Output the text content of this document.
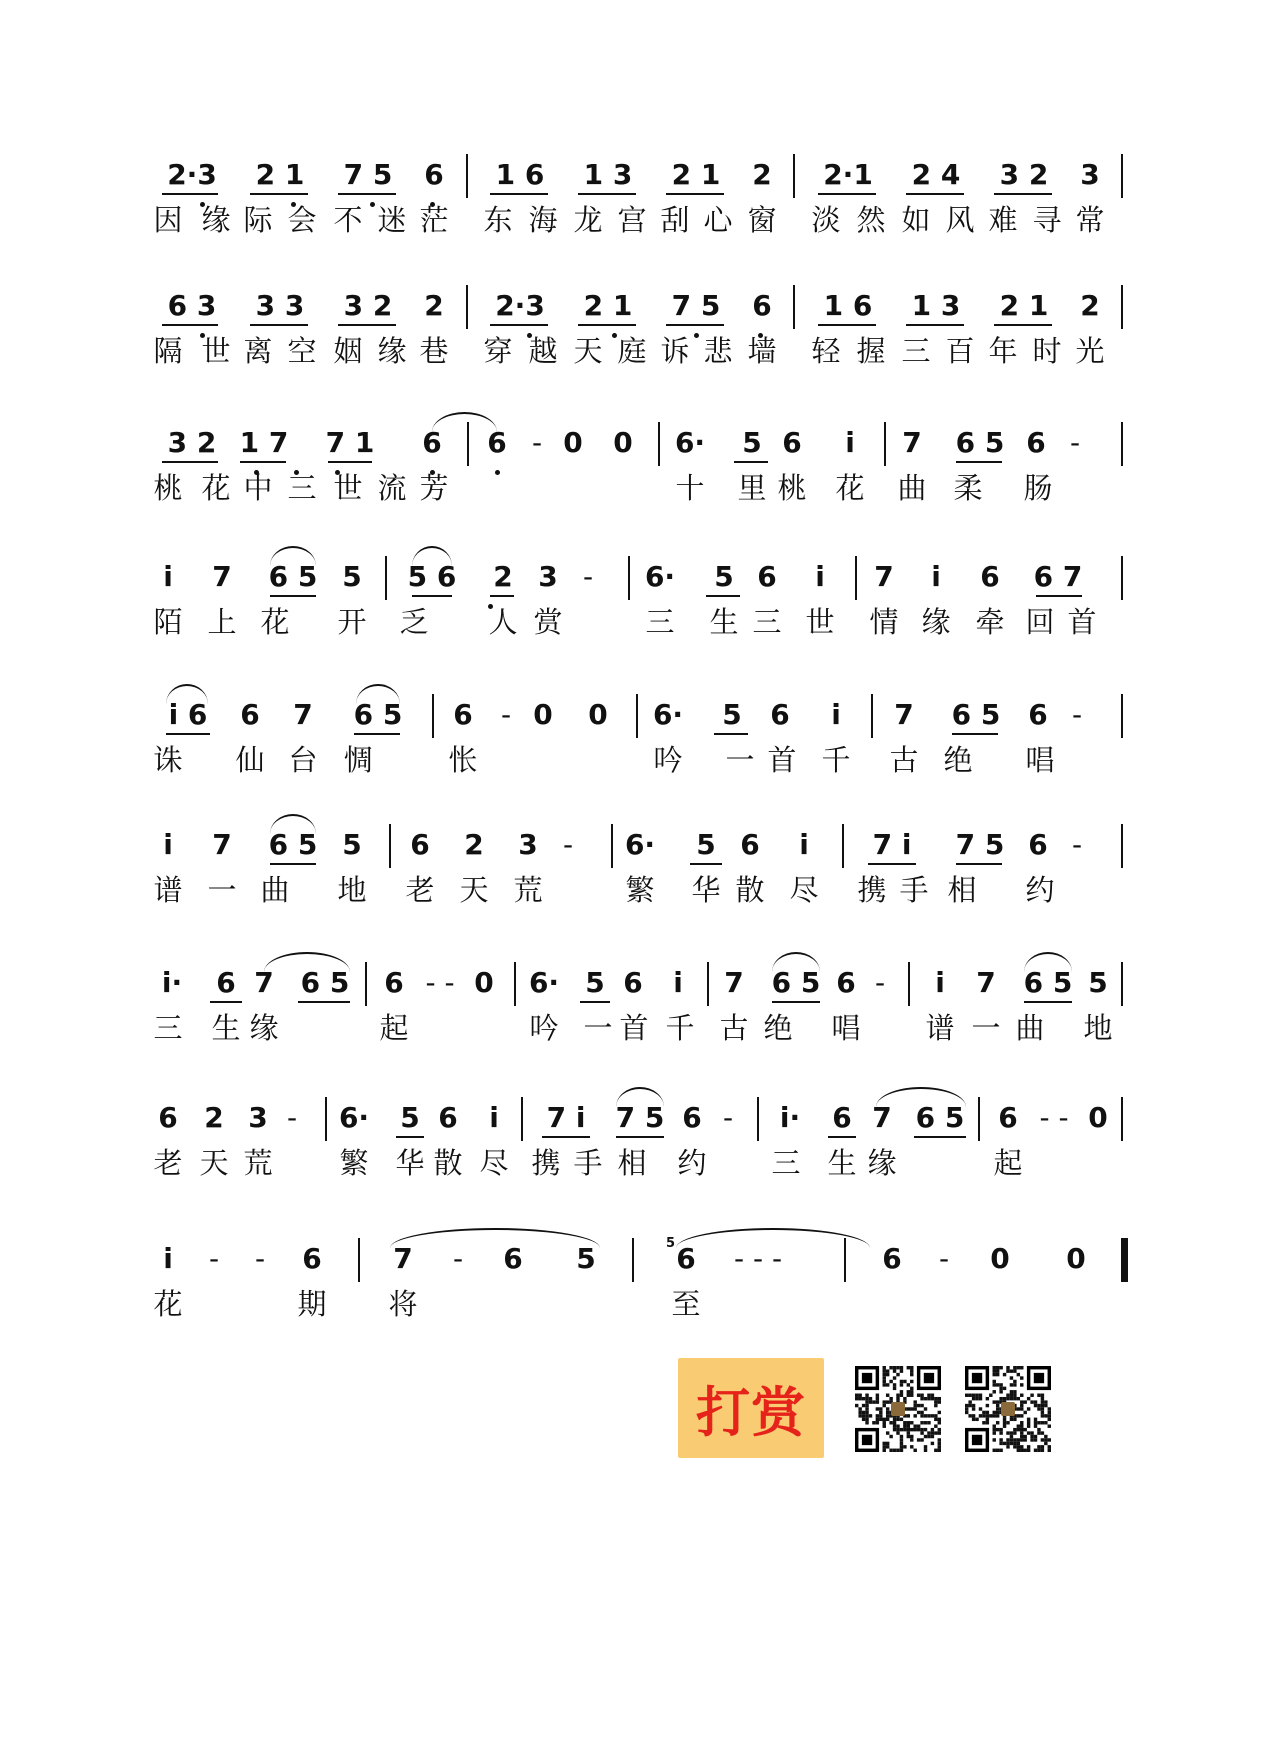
2·3 2 1 7 5 6 1 6 1 3 2 1 2 2·1 2 4 3 2 3
因 缘 际 会 不 迷 茫 东 海 龙 宫 刮 心 窗 淡 然 如 风 难 寻 常
6 3 3 3 3 2 2 2·3 2 1 7 5 6 1 6 1 3 2 1 2
隔 世 离 空 姻 缘 巷 穿 越 天 庭 诉 悲 墙 轻 握 三 百 年 时 光
3 2 1 7 7 1 6 6 - 0 0 6· 5 6 i 7 6 5 6 -
桃 花 中 三 世 流 芳	十 里 桃 花 曲 柔 肠
i 7 6 5 5 5 6 2 3 - 6· 5 6 i 7 i 6 6 7
陌 上 花 开 乏 人 赏	三 生 三 世 情 缘 牵 回 首
i 6 6 7 6 5 6 - 0 0 6· 5 6 i 7 6 5 6 -
诛 仙 台 惆	怅	吟 一 首 千 古 绝 唱
i 7 6 5 5 6 2 3 - 6· 5 6 i 7 i 7 5 6 -
谱 一 曲 地 老 天 荒	繁 华 散 尽 携 手 相 约
i· 6 7 6 5 6 - - 0 6· 5 6 i 7 6 5 6 - i 7 6 5 5
三 生 缘	起	吟 一 首 千 古 绝 唱 谱 一 曲 地
6 2 3 - 6· 5 6 i 7 i 7 5 6 - i· 6 7 6 5 6 - - 0
老 天 荒 繁 华 散 尽 携 手 相 约 三 生 缘	起
i - - 6	7 - 6 5	6 - - -	6 - 0 0
5
花	期 将	至
打赏
